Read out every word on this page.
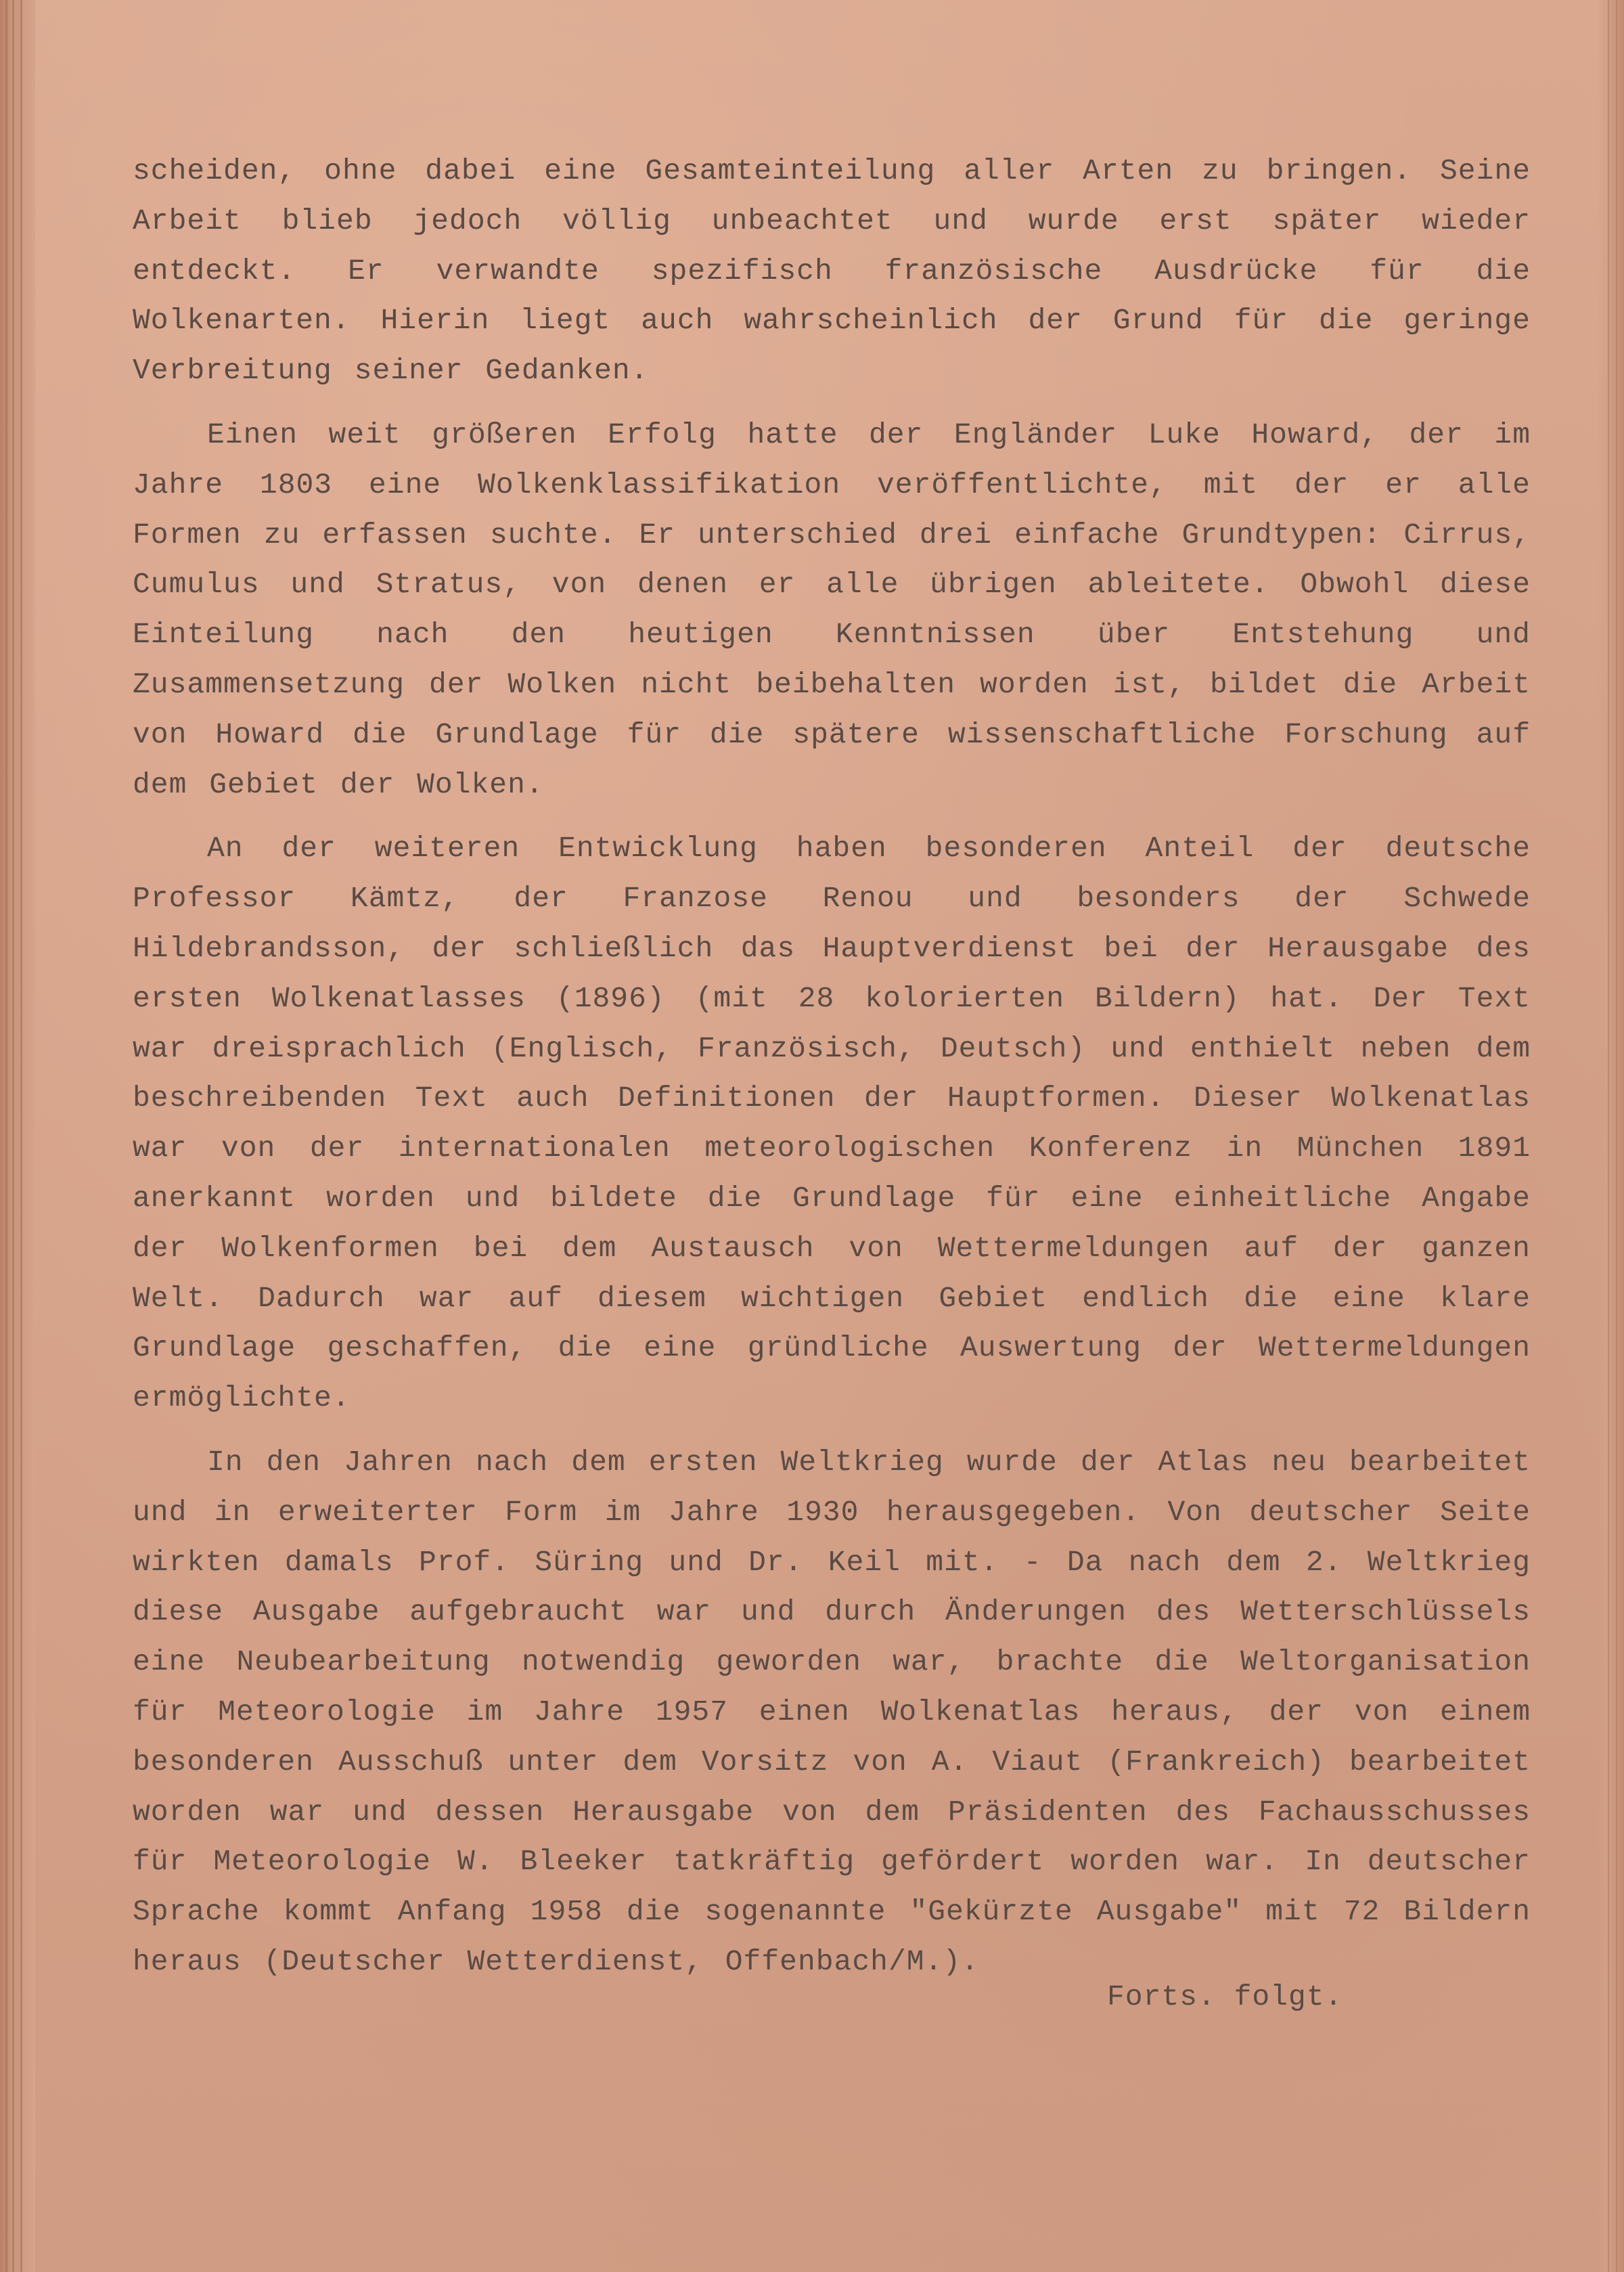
scheiden, ohne dabei eine Gesamteinteilung aller Arten zu bringen. Seine Arbeit blieb jedoch völlig unbeachtet und wurde erst später wieder entdeckt. Er verwandte spezifisch französische Ausdrücke für die Wolkenarten. Hierin liegt auch wahrscheinlich der Grund für die geringe Verbreitung seiner Gedanken.

Einen weit größeren Erfolg hatte der Engländer Luke Howard, der im Jahre 1803 eine Wolkenklassifikation veröffentlichte, mit der er alle Formen zu erfassen suchte. Er unterschied drei einfache Grundtypen: Cirrus, Cumulus und Stratus, von denen er alle übrigen ableitete. Obwohl diese Einteilung nach den heutigen Kenntnissen über Entstehung und Zusammensetzung der Wolken nicht beibehalten worden ist, bildet die Arbeit von Howard die Grundlage für die spätere wissenschaftliche Forschung auf dem Gebiet der Wolken.

An der weiteren Entwicklung haben besonderen Anteil der deutsche Professor Kämtz, der Franzose Renou und besonders der Schwede Hildebrandsson, der schließlich das Hauptverdienst bei der Herausgabe des ersten Wolkenatlasses (1896) (mit 28 kolorierten Bildern) hat. Der Text war dreisprachlich (Englisch, Französisch, Deutsch) und enthielt neben dem beschreibenden Text auch Definitionen der Hauptformen. Dieser Wolkenatlas war von der internationalen meteorologischen Konferenz in München 1891 anerkannt worden und bildete die Grundlage für eine einheitliche Angabe der Wolkenformen bei dem Austausch von Wettermeldungen auf der ganzen Welt. Dadurch war auf diesem wichtigen Gebiet endlich die eine klare Grundlage geschaffen, die eine gründliche Auswertung der Wettermeldungen ermöglichte.

In den Jahren nach dem ersten Weltkrieg wurde der Atlas neu bearbeitet und in erweiterter Form im Jahre 1930 herausgegeben. Von deutscher Seite wirkten damals Prof. Süring und Dr. Keil mit. - Da nach dem 2. Weltkrieg diese Ausgabe aufgebraucht war und durch Änderungen des Wetterschlüssels eine Neubearbeitung notwendig geworden war, brachte die Weltorganisation für Meteorologie im Jahre 1957 einen Wolkenatlas heraus, der von einem besonderen Ausschuß unter dem Vorsitz von A. Viaut (Frankreich) bearbeitet worden war und dessen Herausgabe von dem Präsidenten des Fachausschusses für Meteorologie W. Bleeker tatkräftig gefördert worden war. In deutscher Sprache kommt Anfang 1958 die sogenannte "Gekürzte Ausgabe" mit 72 Bildern heraus (Deutscher Wetterdienst, Offenbach/M.).

Forts. folgt.
